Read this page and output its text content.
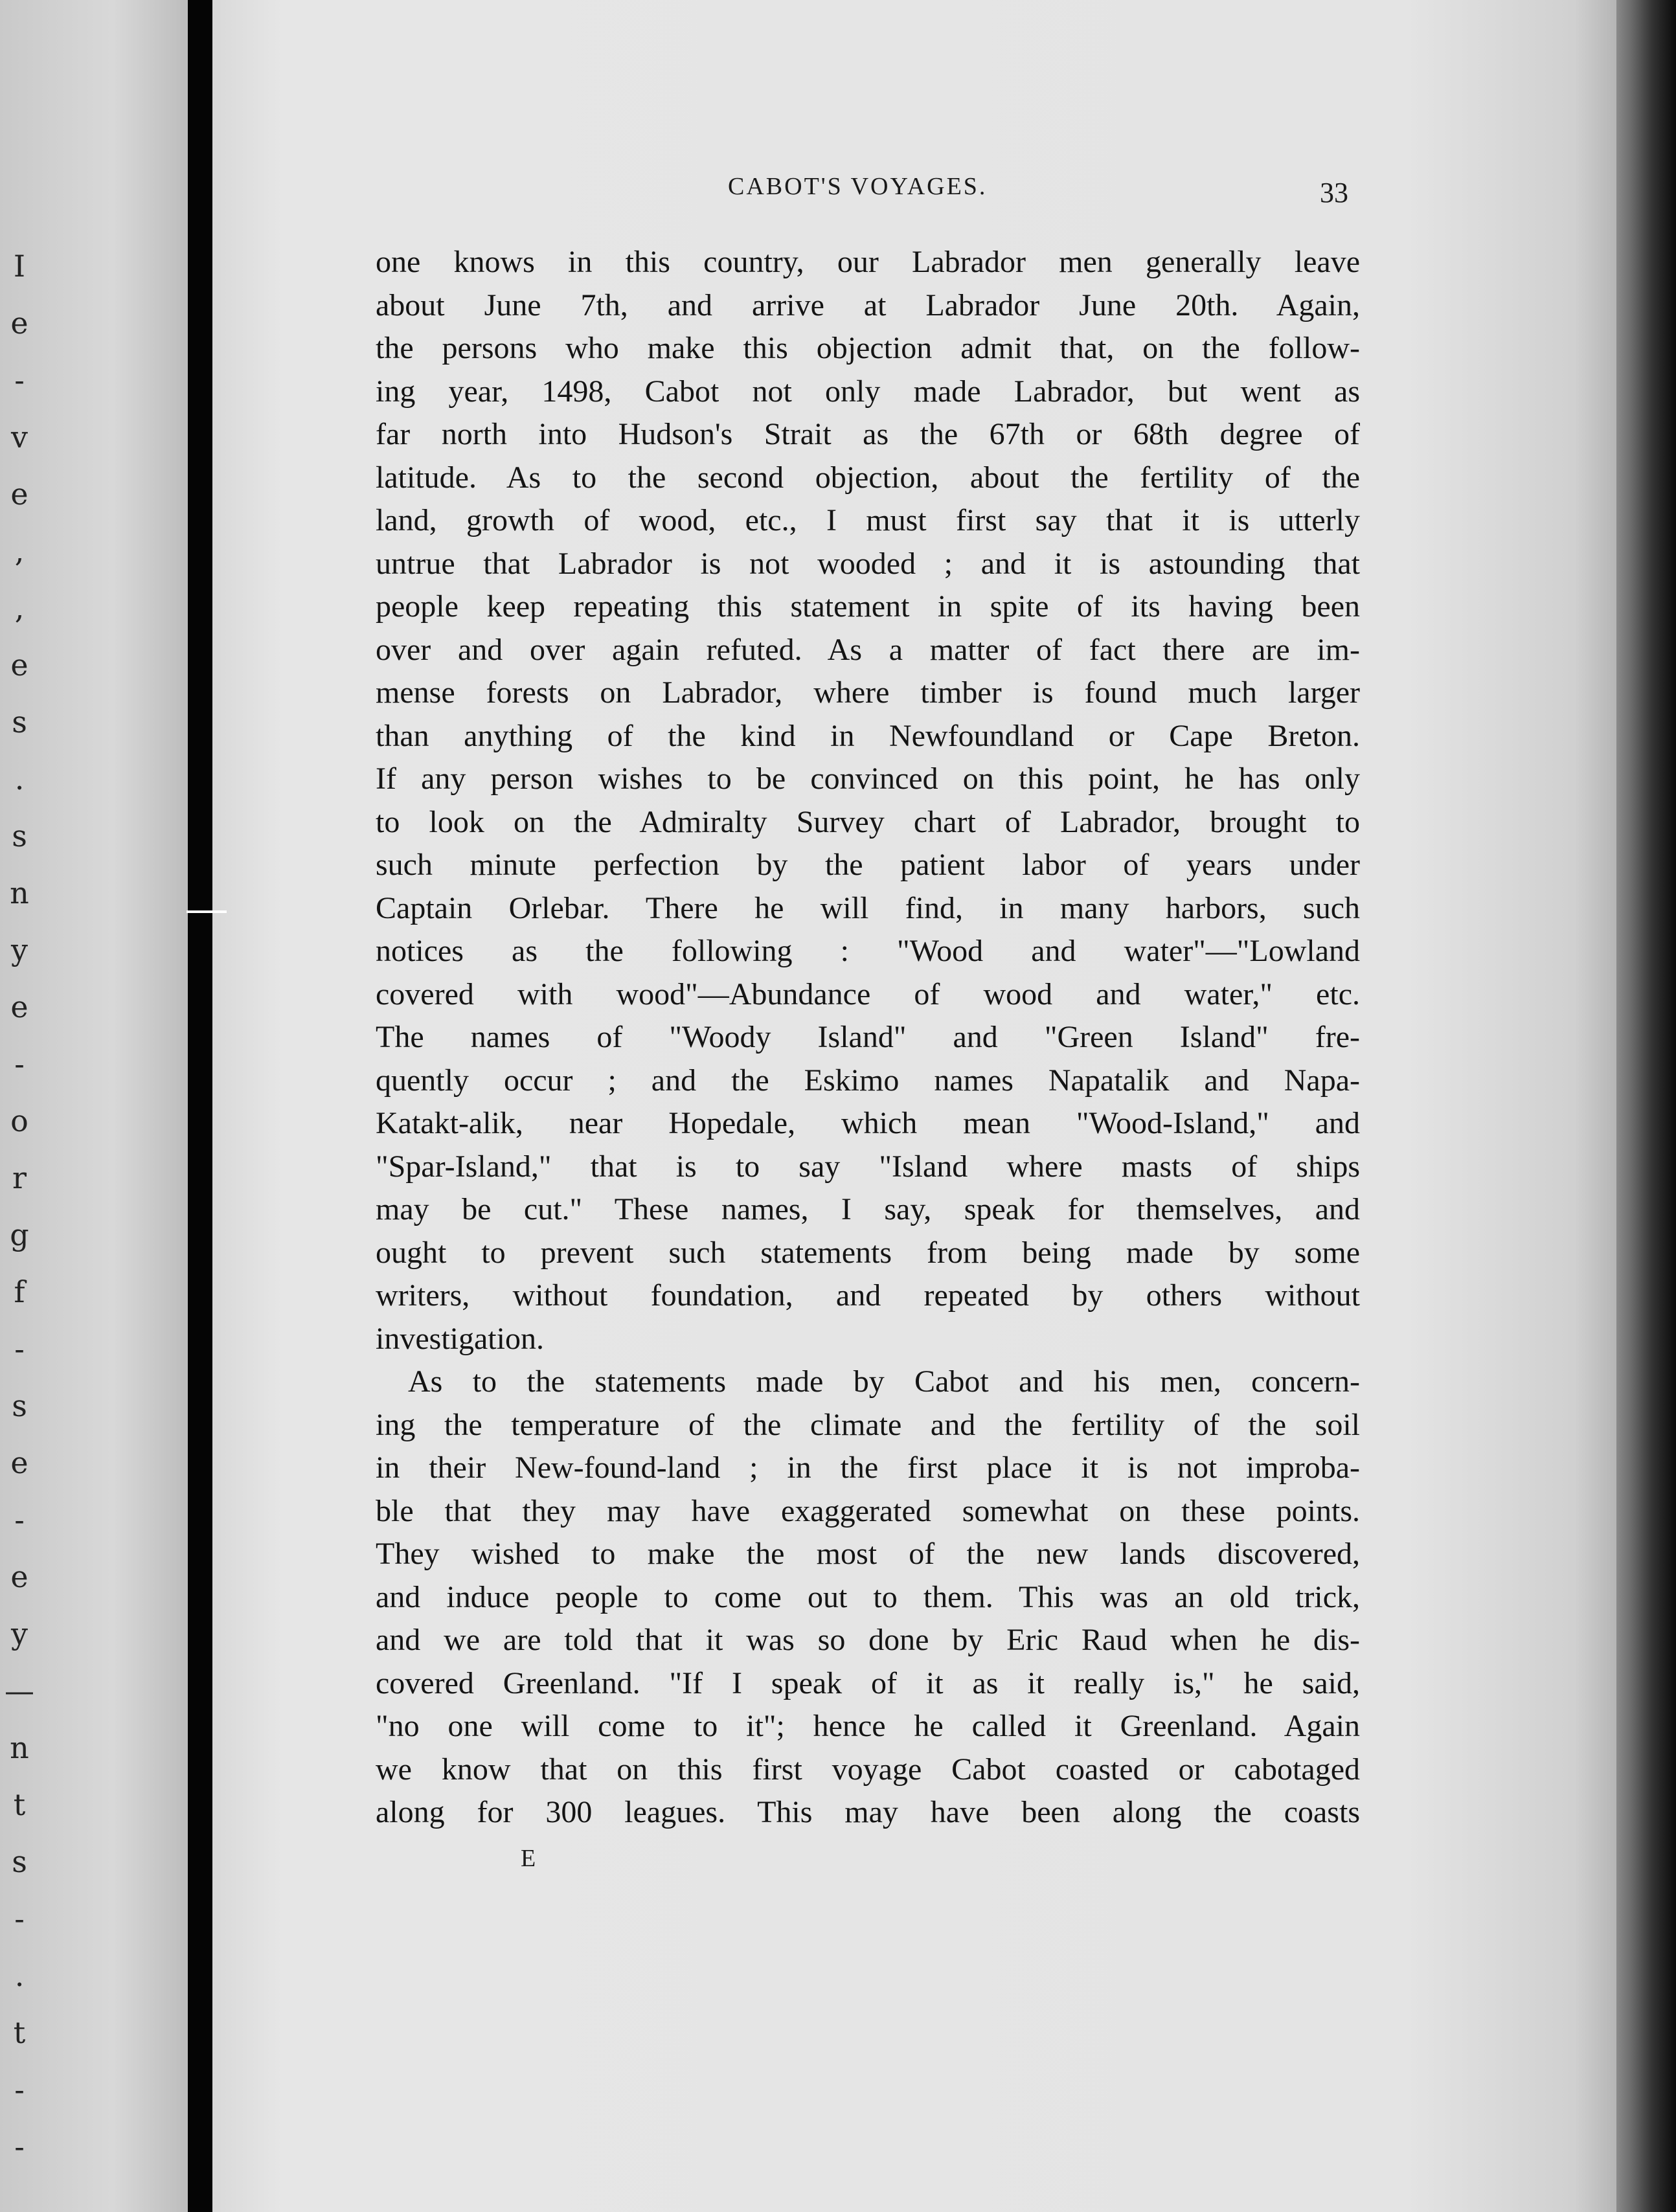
I
e
-
v
e
,
,
e
s
.
s
n
y
e
-
o
r
g
f
-
s
e
-
e
y
—
n
t
s
-
.
t
-
-
CABOT'S VOYAGES.	33
one knows in this country, our Labrador men generally leave
about June 7th, and arrive at Labrador June 20th. Again,
the persons who make this objection admit that, on the follow-
ing year, 1498, Cabot not only made Labrador, but went as
far north into Hudson's Strait as the 67th or 68th degree of
latitude. As to the second objection, about the fertility of the
land, growth of wood, etc., I must first say that it is utterly
untrue that Labrador is not wooded ; and it is astounding that
people keep repeating this statement in spite of its having been
over and over again refuted. As a matter of fact there are im-
mense forests on Labrador, where timber is found much larger
than anything of the kind in Newfoundland or Cape Breton.
If any person wishes to be convinced on this point, he has only
to look on the Admiralty Survey chart of Labrador, brought to
such minute perfection by the patient labor of years under
Captain Orlebar. There he will find, in many harbors, such
notices as the following : "Wood and water"—"Lowland
covered with wood"—Abundance of wood and water," etc.
The names of "Woody Island" and "Green Island" fre-
quently occur ; and the Eskimo names Napatalik and Napa-
Katakt-alik, near Hopedale, which mean "Wood-Island," and
"Spar-Island," that is to say "Island where masts of ships
may be cut." These names, I say, speak for themselves, and
ought to prevent such statements from being made by some
writers, without foundation, and repeated by others without
investigation.
As to the statements made by Cabot and his men, concern-
ing the temperature of the climate and the fertility of the soil
in their New-found-land ; in the first place it is not improba-
ble that they may have exaggerated somewhat on these points.
They wished to make the most of the new lands discovered,
and induce people to come out to them. This was an old trick,
and we are told that it was so done by Eric Raud when he dis-
covered Greenland. "If I speak of it as it really is," he said,
"no one will come to it"; hence he called it Greenland. Again
we know that on this first voyage Cabot coasted or cabotaged
along for 300 leagues. This may have been along the coasts
E
